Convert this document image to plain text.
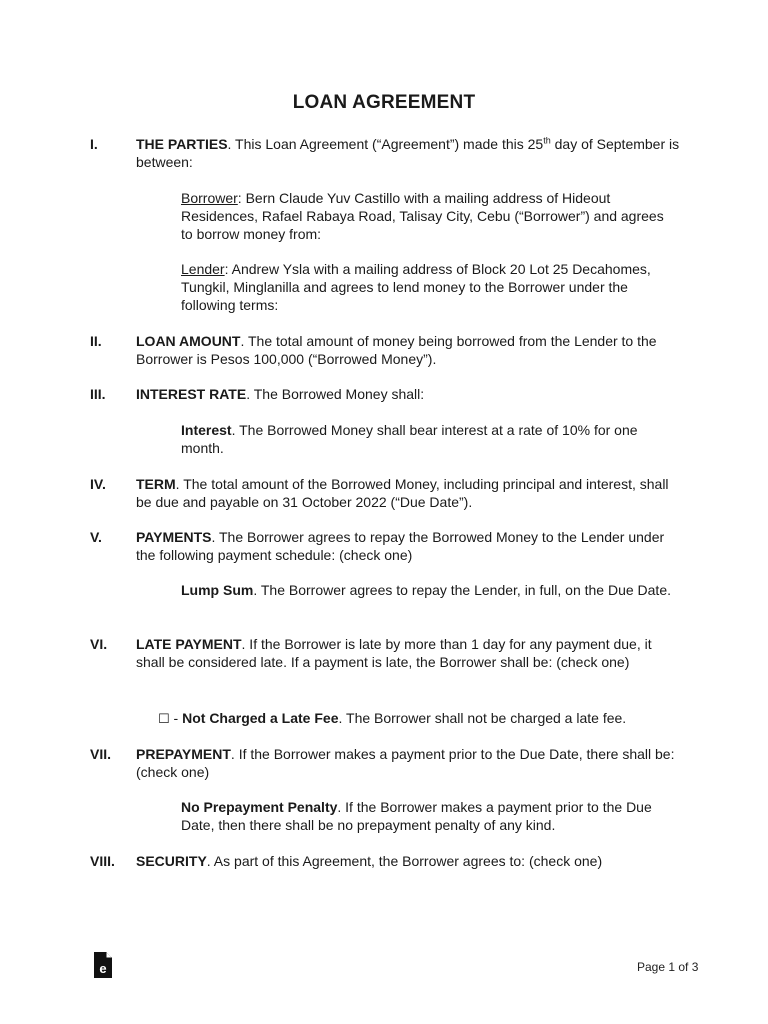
LOAN AGREEMENT
I.	THE PARTIES. This Loan Agreement (“Agreement”) made this 25th day of September is between:
Borrower: Bern Claude Yuv Castillo with a mailing address of Hideout Residences, Rafael Rabaya Road, Talisay City, Cebu (“Borrower”) and agrees to borrow money from:
Lender: Andrew Ysla with a mailing address of Block 20 Lot 25 Decahomes, Tungkil, Minglanilla and agrees to lend money to the Borrower under the following terms:
II. LOAN AMOUNT. The total amount of money being borrowed from the Lender to the Borrower is Pesos 100,000 (“Borrowed Money”).
III. INTEREST RATE. The Borrowed Money shall:
Interest. The Borrowed Money shall bear interest at a rate of 10% for one month.
IV. TERM. The total amount of the Borrowed Money, including principal and interest, shall be due and payable on 31 October 2022 (“Due Date”).
V. PAYMENTS. The Borrower agrees to repay the Borrowed Money to the Lender under the following payment schedule: (check one)
Lump Sum. The Borrower agrees to repay the Lender, in full, on the Due Date.
VI. LATE PAYMENT. If the Borrower is late by more than 1 day for any payment due, it shall be considered late. If a payment is late, the Borrower shall be: (check one)
☐ - Not Charged a Late Fee. The Borrower shall not be charged a late fee.
VII. PREPAYMENT. If the Borrower makes a payment prior to the Due Date, there shall be: (check one)
No Prepayment Penalty. If the Borrower makes a payment prior to the Due Date, then there shall be no prepayment penalty of any kind.
VIII. SECURITY. As part of this Agreement, the Borrower agrees to: (check one)
e	Page 1 of 3
